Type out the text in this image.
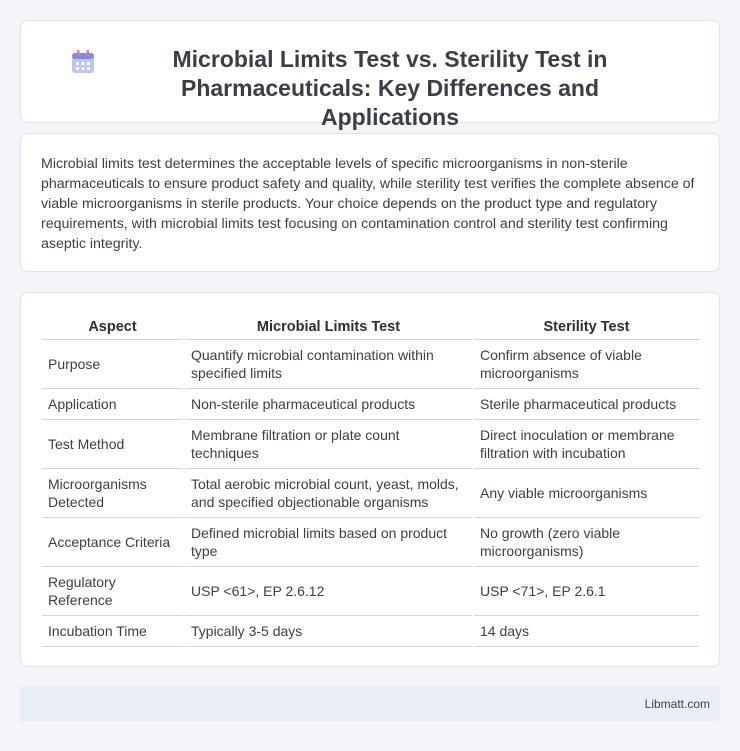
Microbial Limits Test vs. Sterility Test in Pharmaceuticals: Key Differences and Applications

Microbial limits test determines the acceptable levels of specific microorganisms in non-sterile pharmaceuticals to ensure product safety and quality, while sterility test verifies the complete absence of viable microorganisms in sterile products. Your choice depends on the product type and regulatory requirements, with microbial limits test focusing on contamination control and sterility test confirming aseptic integrity.

Aspect	Microbial Limits Test	Sterility Test
Purpose	Quantify microbial contamination within specified limits	Confirm absence of viable microorganisms
Application	Non-sterile pharmaceutical products	Sterile pharmaceutical products
Test Method	Membrane filtration or plate count techniques	Direct inoculation or membrane filtration with incubation
Microorganisms Detected	Total aerobic microbial count, yeast, molds, and specified objectionable organisms	Any viable microorganisms
Acceptance Criteria	Defined microbial limits based on product type	No growth (zero viable microorganisms)
Regulatory Reference	USP <61>, EP 2.6.12	USP <71>, EP 2.6.1
Incubation Time	Typically 3-5 days	14 days
Libmatt.com
